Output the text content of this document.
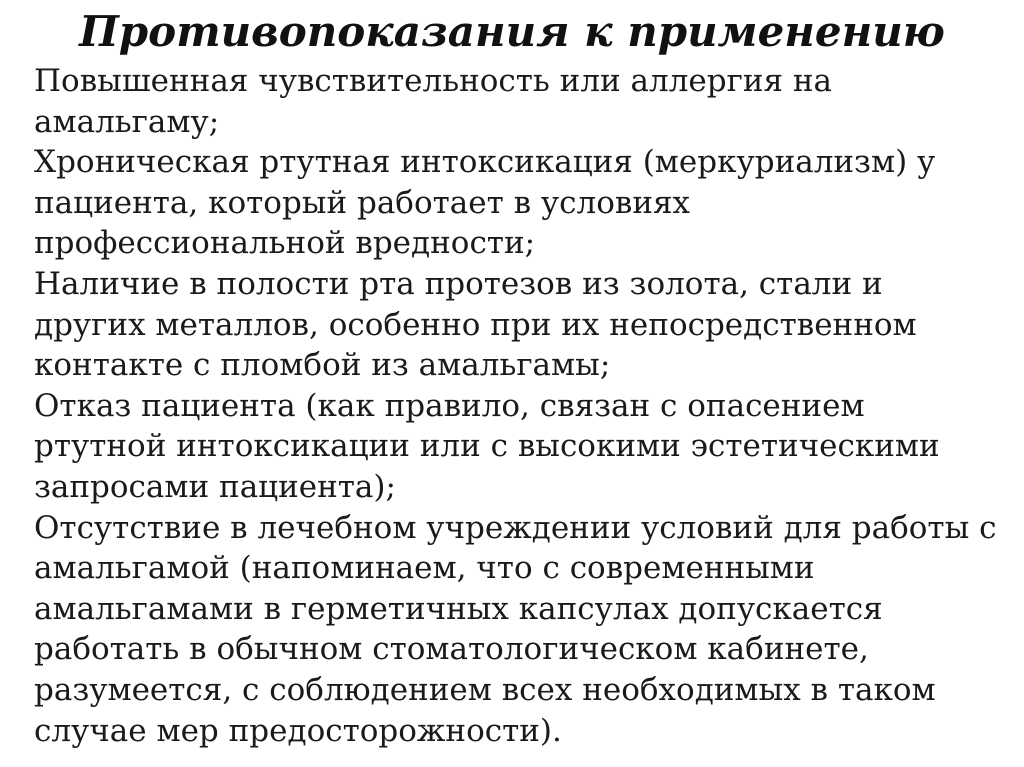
Противопоказания к применению

Повышенная чувствительность или аллергия на амальгаму;

Хроническая ртутная интоксикация (меркуриализм) у пациента, который работает в условиях профессиональной вредности;

Наличие в полости рта протезов из золота, стали и других металлов, особенно при их непосредственном контакте с пломбой из амальгамы;

Отказ пациента (как правило, связан с опасением ртутной интоксикации или с высокими эстетическими запросами пациента);

Отсутствие в лечебном учреждении условий для работы с амальгамой (напоминаем, что с современными амальгамами в герметичных капсулах допускается работать в обычном стоматологическом кабинете, разумеется, с соблюдением всех необходимых в таком случае мер предосторожности).
